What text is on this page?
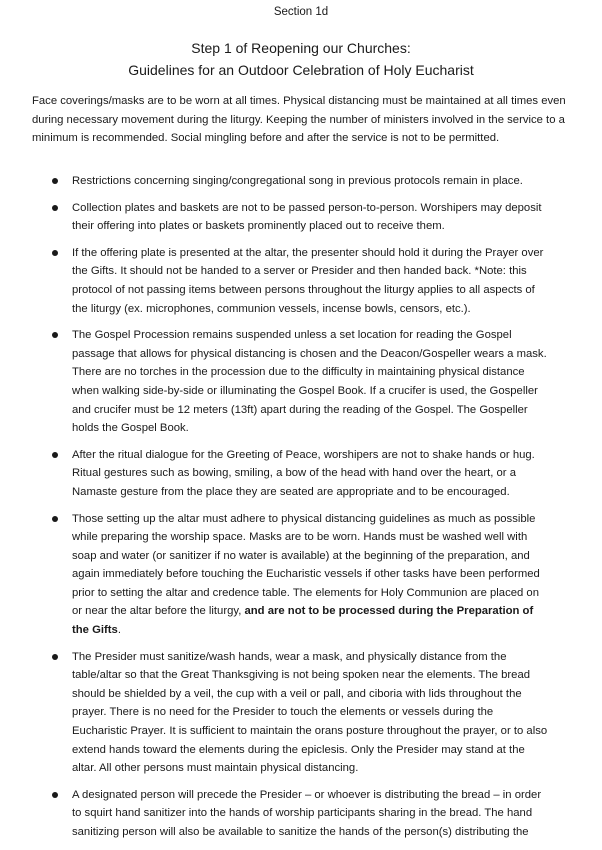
Section 1d
Step 1 of Reopening our Churches:
Guidelines for an Outdoor Celebration of Holy Eucharist

Face coverings/masks are to be worn at all times. Physical distancing must be maintained at all times even during necessary movement during the liturgy. Keeping the number of ministers involved in the service to a minimum is recommended. Social mingling before and after the service is not to be permitted.

Restrictions concerning singing/congregational song in previous protocols remain in place.
Collection plates and baskets are not to be passed person-to-person. Worshipers may deposit their offering into plates or baskets prominently placed out to receive them.
If the offering plate is presented at the altar, the presenter should hold it during the Prayer over the Gifts. It should not be handed to a server or Presider and then handed back. *Note: this protocol of not passing items between persons throughout the liturgy applies to all aspects of the liturgy (ex. microphones, communion vessels, incense bowls, censors, etc.).
The Gospel Procession remains suspended unless a set location for reading the Gospel passage that allows for physical distancing is chosen and the Deacon/Gospeller wears a mask. There are no torches in the procession due to the difficulty in maintaining physical distance when walking side-by-side or illuminating the Gospel Book. If a crucifer is used, the Gospeller and crucifer must be 12 meters (13ft) apart during the reading of the Gospel. The Gospeller holds the Gospel Book.
After the ritual dialogue for the Greeting of Peace, worshipers are not to shake hands or hug. Ritual gestures such as bowing, smiling, a bow of the head with hand over the heart, or a Namaste gesture from the place they are seated are appropriate and to be encouraged.
Those setting up the altar must adhere to physical distancing guidelines as much as possible while preparing the worship space. Masks are to be worn. Hands must be washed well with soap and water (or sanitizer if no water is available) at the beginning of the preparation, and again immediately before touching the Eucharistic vessels if other tasks have been performed prior to setting the altar and credence table. The elements for Holy Communion are placed on or near the altar before the liturgy, and are not to be processed during the Preparation of the Gifts.
The Presider must sanitize/wash hands, wear a mask, and physically distance from the table/altar so that the Great Thanksgiving is not being spoken near the elements. The bread should be shielded by a veil, the cup with a veil or pall, and ciboria with lids throughout the prayer. There is no need for the Presider to touch the elements or vessels during the Eucharistic Prayer. It is sufficient to maintain the orans posture throughout the prayer, or to also extend hands toward the elements during the epiclesis. Only the Presider may stand at the altar. All other persons must maintain physical distancing.
A designated person will precede the Presider – or whoever is distributing the bread – in order to squirt hand sanitizer into the hands of worship participants sharing in the bread. The hand sanitizing person will also be available to sanitize the hands of the person(s) distributing the
